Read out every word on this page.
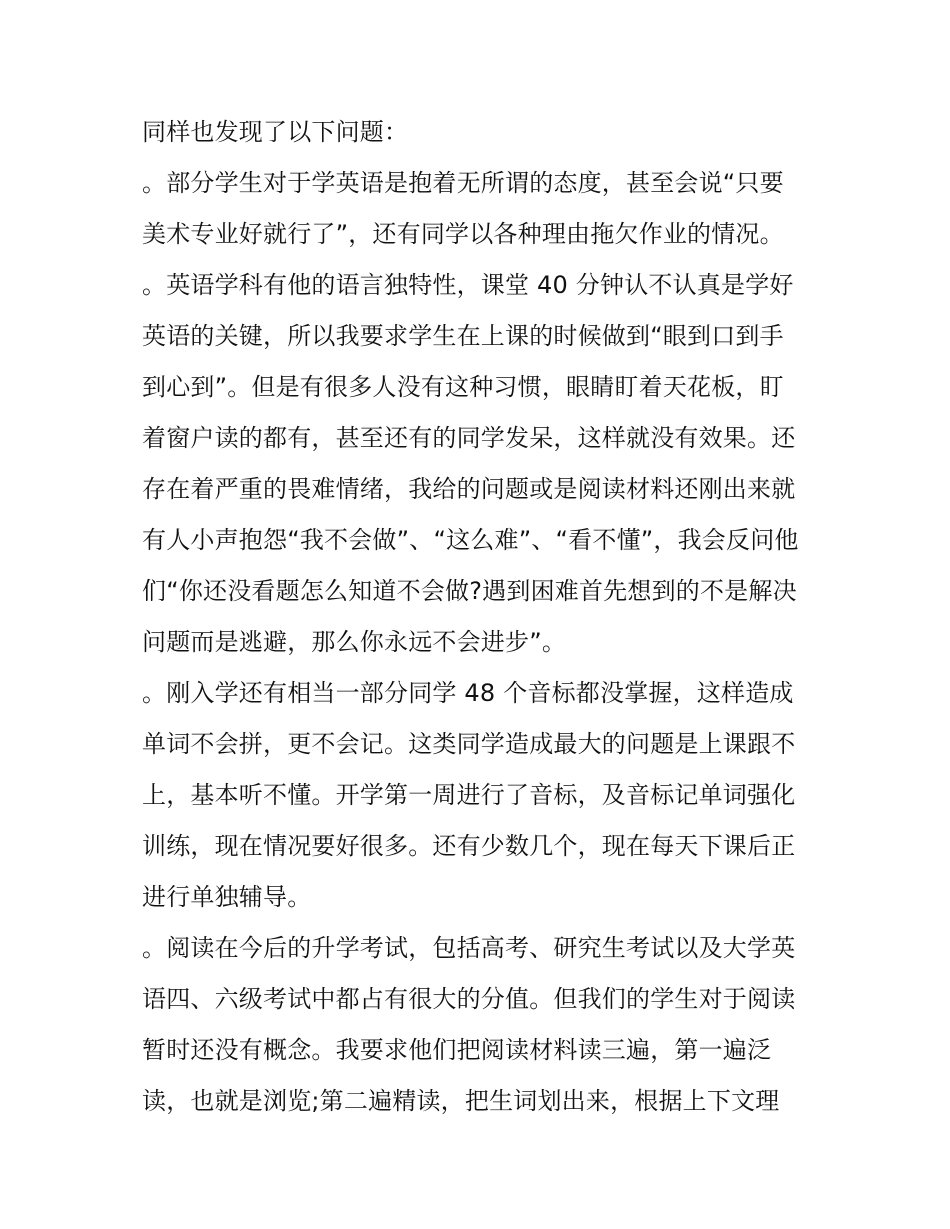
同样也发现了以下问题：
。部分学生对于学英语是抱着无所谓的态度，甚至会说“只要
美术专业好就行了”，还有同学以各种理由拖欠作业的情况。
。英语学科有他的语言独特性，课堂 40 分钟认不认真是学好
英语的关键，所以我要求学生在上课的时候做到“眼到口到手
到心到”。但是有很多人没有这种习惯，眼睛盯着天花板，盯
着窗户读的都有，甚至还有的同学发呆，这样就没有效果。还
存在着严重的畏难情绪，我给的问题或是阅读材料还刚出来就
有人小声抱怨“我不会做”、“这么难”、“看不懂”，我会反问他
们“你还没看题怎么知道不会做?遇到困难首先想到的不是解决
问题而是逃避，那么你永远不会进步”。
。刚入学还有相当一部分同学 48 个音标都没掌握，这样造成
单词不会拼，更不会记。这类同学造成最大的问题是上课跟不
上，基本听不懂。开学第一周进行了音标，及音标记单词强化
训练，现在情况要好很多。还有少数几个，现在每天下课后正
进行单独辅导。
。阅读在今后的升学考试，包括高考、研究生考试以及大学英
语四、六级考试中都占有很大的分值。但我们的学生对于阅读
暂时还没有概念。我要求他们把阅读材料读三遍，第一遍泛
读，也就是浏览;第二遍精读，把生词划出来，根据上下文理
